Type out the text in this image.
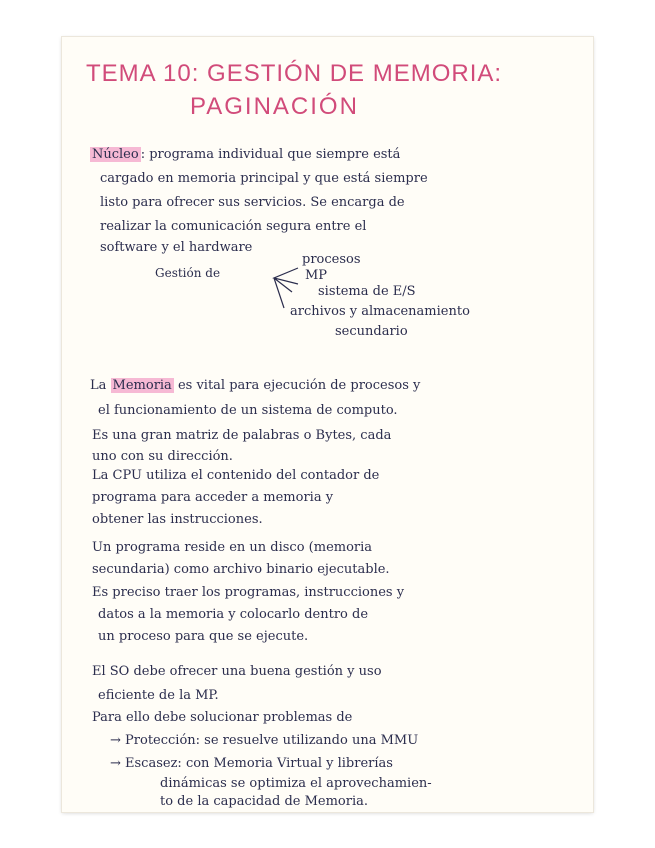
TEMA 10: GESTIÓN DE MEMORIA:
PAGINACIÓN
Núcleo : programa individual que siempre está
cargado en memoria principal y que está siempre
listo para ofrecer sus servicios. Se encarga de
realizar la comunicación segura entre el
software y el hardware
Gestión de
procesos
MP
sistema de E/S
archivos y almacenamiento
secundario
La Memoria es vital para ejecución de procesos y
el funcionamiento de un sistema de computo.
Es una gran matriz de palabras o Bytes, cada
uno con su dirección.
La CPU utiliza el contenido del contador de
programa para acceder a memoria y
obtener las instrucciones.
Un programa reside en un disco (memoria
secundaria) como archivo binario ejecutable.
Es preciso traer los programas, instrucciones y
datos a la memoria y colocarlo dentro de
un proceso para que se ejecute.
El SO debe ofrecer una buena gestión y uso
eficiente de la MP.
Para ello debe solucionar problemas de
→ Protección: se resuelve utilizando una MMU
→ Escasez: con Memoria Virtual y librerías
dinámicas se optimiza el aprovechamien-
to de la capacidad de Memoria.
